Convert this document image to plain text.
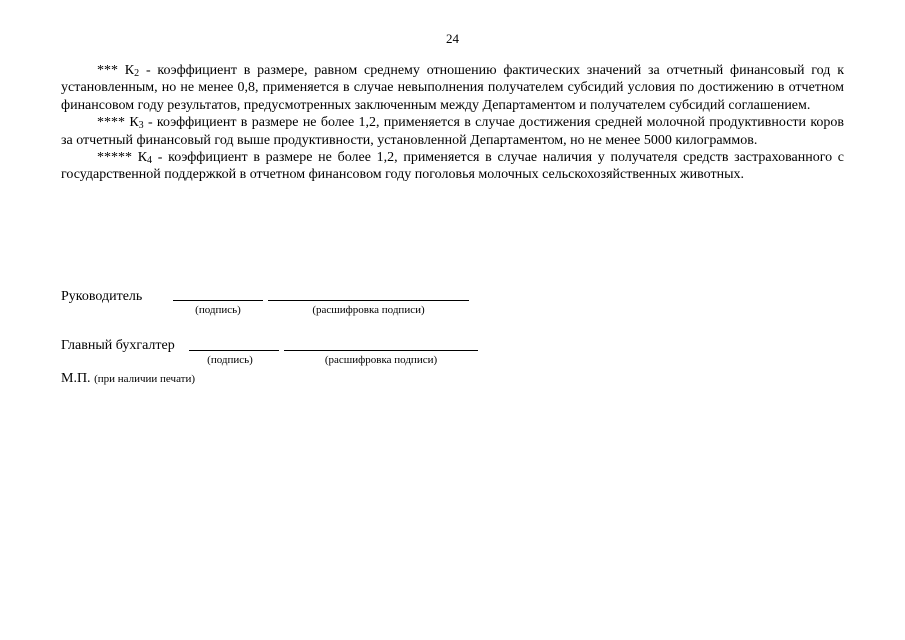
24

*** $К_2$ - коэффициент в размере, равном среднему отношению фактических значений за отчетный финансовый год к установленным, но не менее 0,8, применяется в случае невыполнения получателем субсидий условия по достижению в отчетном финансовом году результатов, предусмотренных заключенным между Департаментом и получателем субсидий соглашением.

**** $К_3$ - коэффициент в размере не более 1,2, применяется в случае достижения средней молочной продуктивности коров за отчетный финансовый год выше продуктивности, установленной Департаментом, но не менее 5000 килограммов.

***** $К_4$ - коэффициент в размере не более 1,2, применяется в случае наличия у получателя средств застрахованного с государственной поддержкой в отчетном финансовом году поголовья молочных сельскохозяйственных животных.

Руководитель
(подпись)	(расшифровка подписи)
Главный бухгалтер
(подпись)	(расшифровка подписи)
М.П. (при наличии печати)
